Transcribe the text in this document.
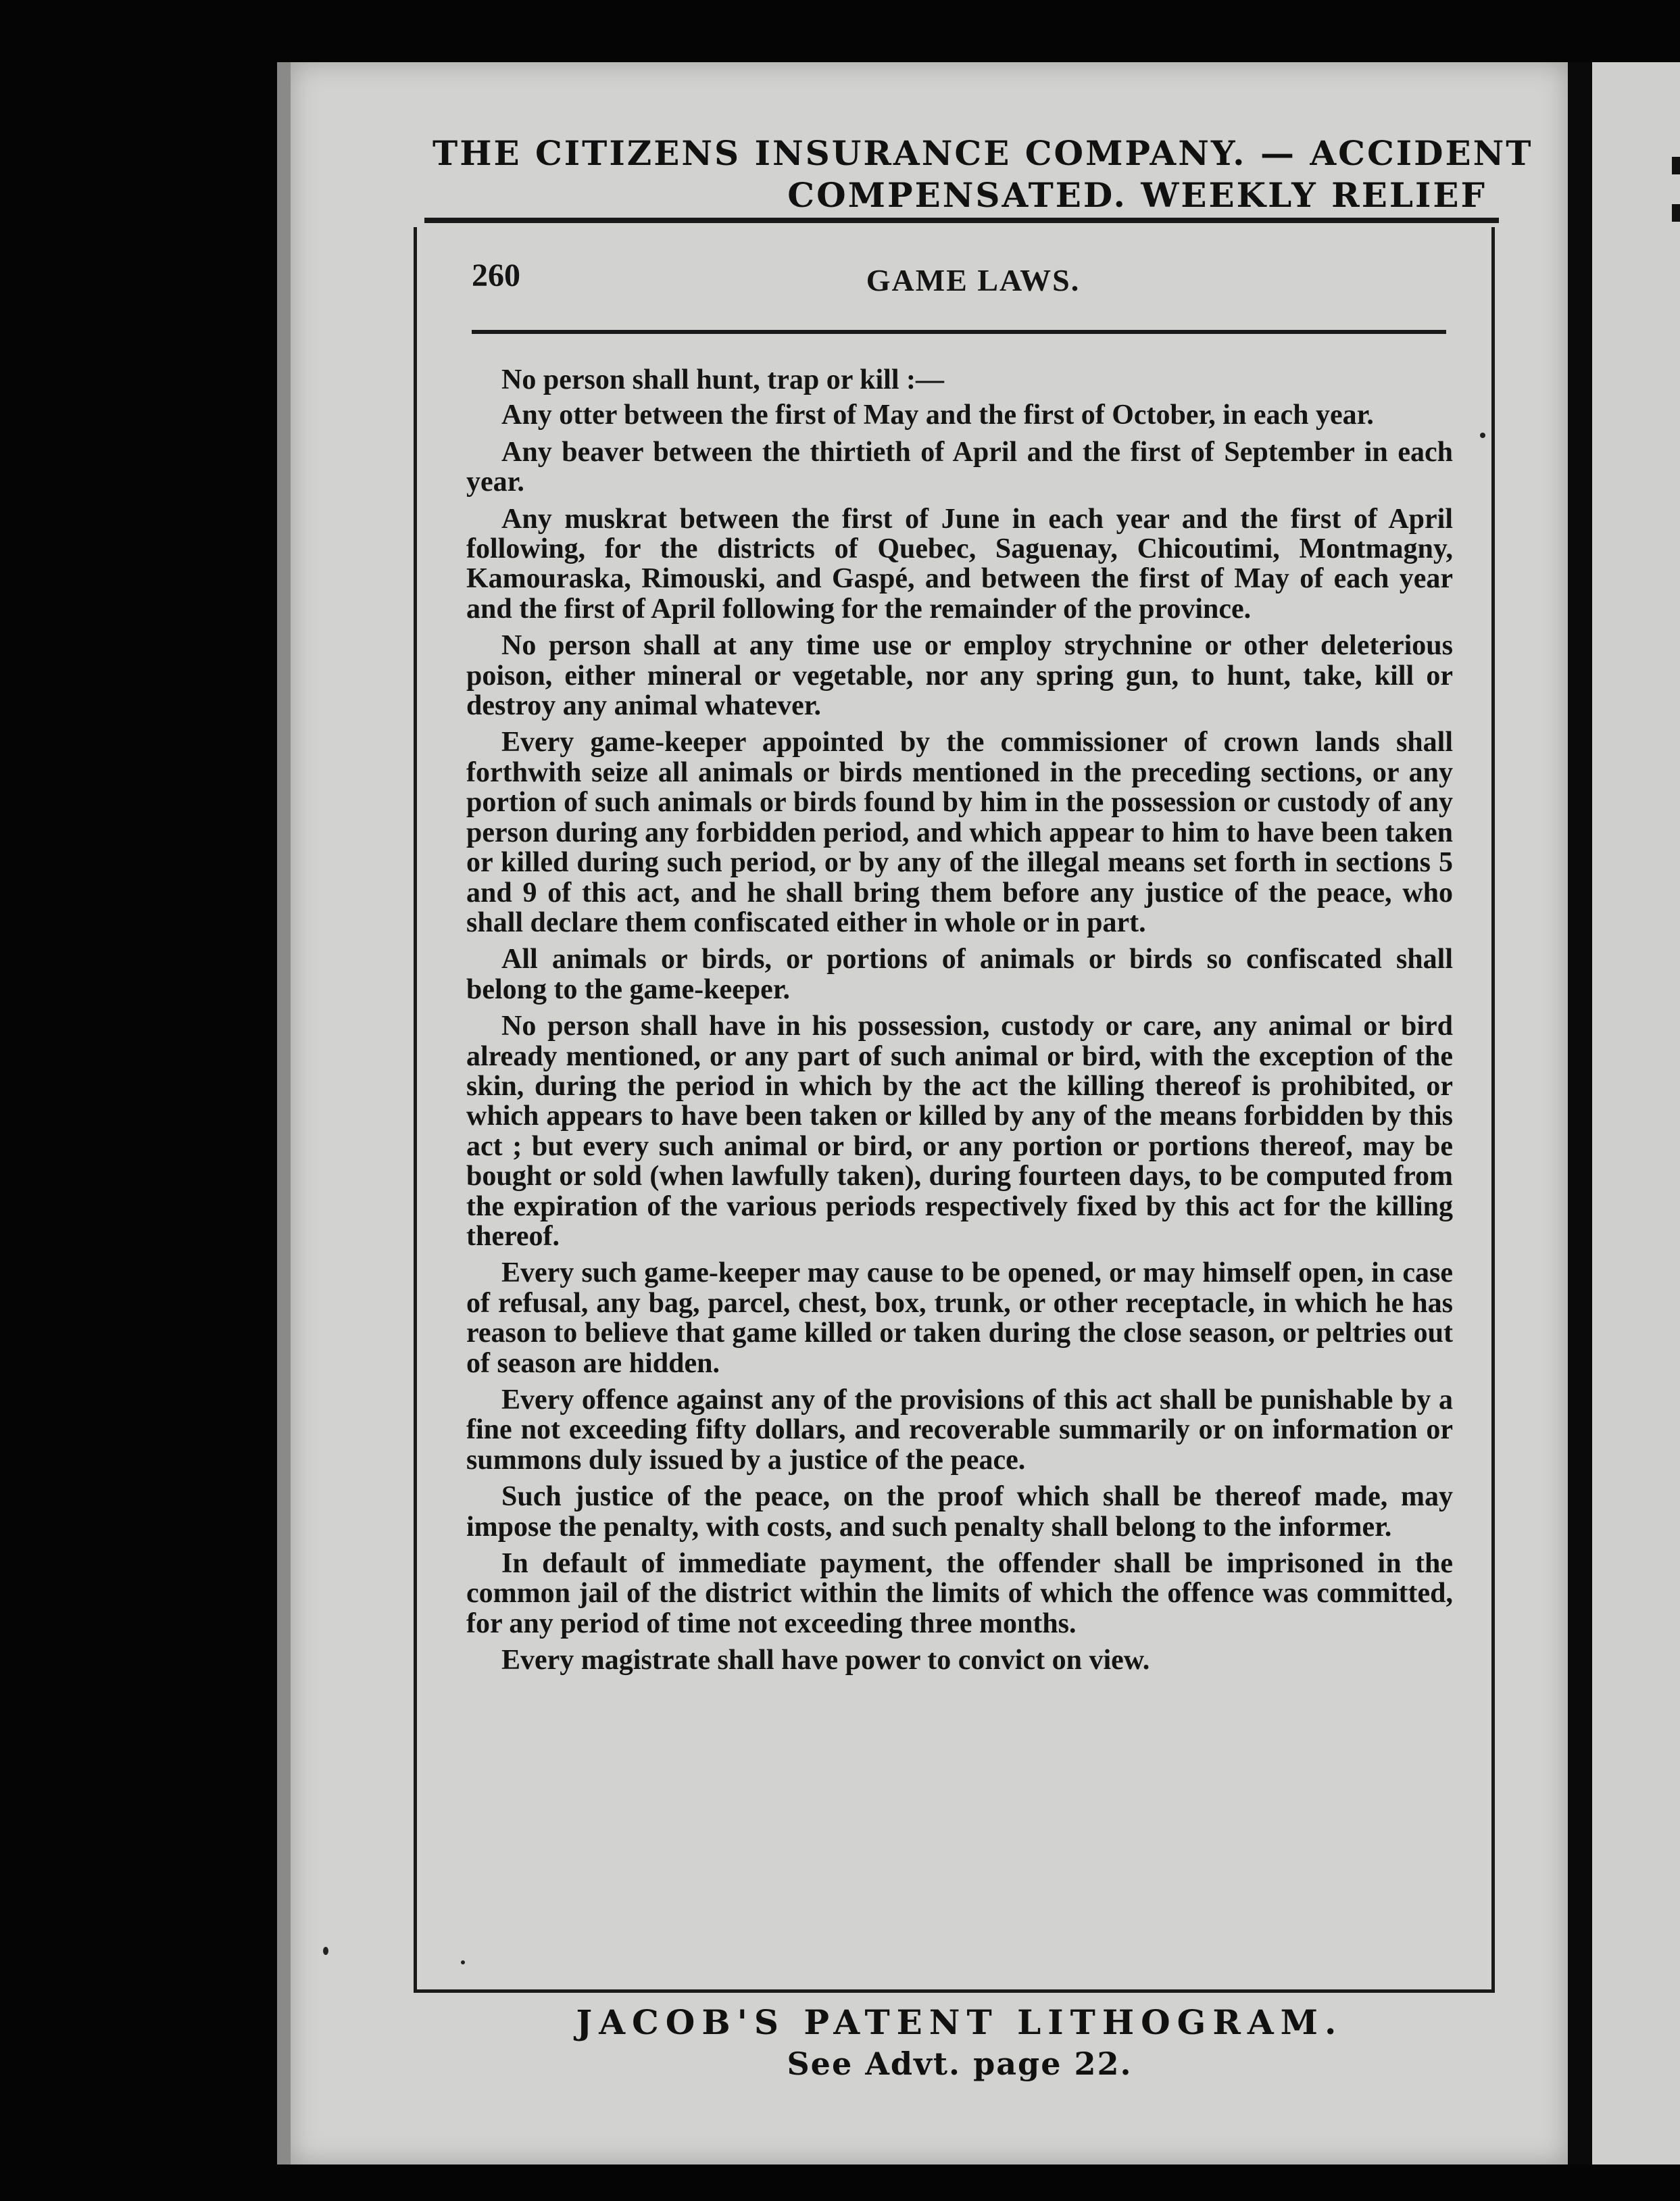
THE CITIZENS INSURANCE COMPANY. — ACCIDENT
COMPENSATED. WEEKLY RELIEF
260	GAME LAWS.

No person shall hunt, trap or kill :—

Any otter between the first of May and the first of October, in each year.

Any beaver between the thirtieth of April and the first of September in each year.

Any muskrat between the first of June in each year and the first of April following, for the districts of Quebec, Saguenay, Chicoutimi, Montmagny, Kamouraska, Rimouski, and Gaspé, and between the first of May of each year and the first of April following for the remainder of the province.

No person shall at any time use or employ strychnine or other deleterious poison, either mineral or vegetable, nor any spring gun, to hunt, take, kill or destroy any animal whatever.

Every game-keeper appointed by the commissioner of crown lands shall forthwith seize all animals or birds mentioned in the preceding sections, or any portion of such animals or birds found by him in the possession or custody of any person during any forbidden period, and which appear to him to have been taken or killed during such period, or by any of the illegal means set forth in sections 5 and 9 of this act, and he shall bring them before any justice of the peace, who shall declare them confiscated either in whole or in part.

All animals or birds, or portions of animals or birds so confiscated shall belong to the game-keeper.

No person shall have in his possession, custody or care, any animal or bird already mentioned, or any part of such animal or bird, with the exception of the skin, during the period in which by the act the killing thereof is prohibited, or which appears to have been taken or killed by any of the means forbidden by this act ; but every such animal or bird, or any portion or portions thereof, may be bought or sold (when lawfully taken), during fourteen days, to be computed from the expiration of the various periods respectively fixed by this act for the killing thereof.

Every such game-keeper may cause to be opened, or may himself open, in case of refusal, any bag, parcel, chest, box, trunk, or other receptacle, in which he has reason to believe that game killed or taken during the close season, or peltries out of season are hidden.

Every offence against any of the provisions of this act shall be punishable by a fine not exceeding fifty dollars, and recoverable summarily or on information or summons duly issued by a justice of the peace.

Such justice of the peace, on the proof which shall be thereof made, may impose the penalty, with costs, and such penalty shall belong to the informer.

In default of immediate payment, the offender shall be imprisoned in the common jail of the district within the limits of which the offence was committed, for any period of time not exceeding three months.

Every magistrate shall have power to convict on view.

JACOB'S PATENT LITHOGRAM.
See Advt. page 22.
